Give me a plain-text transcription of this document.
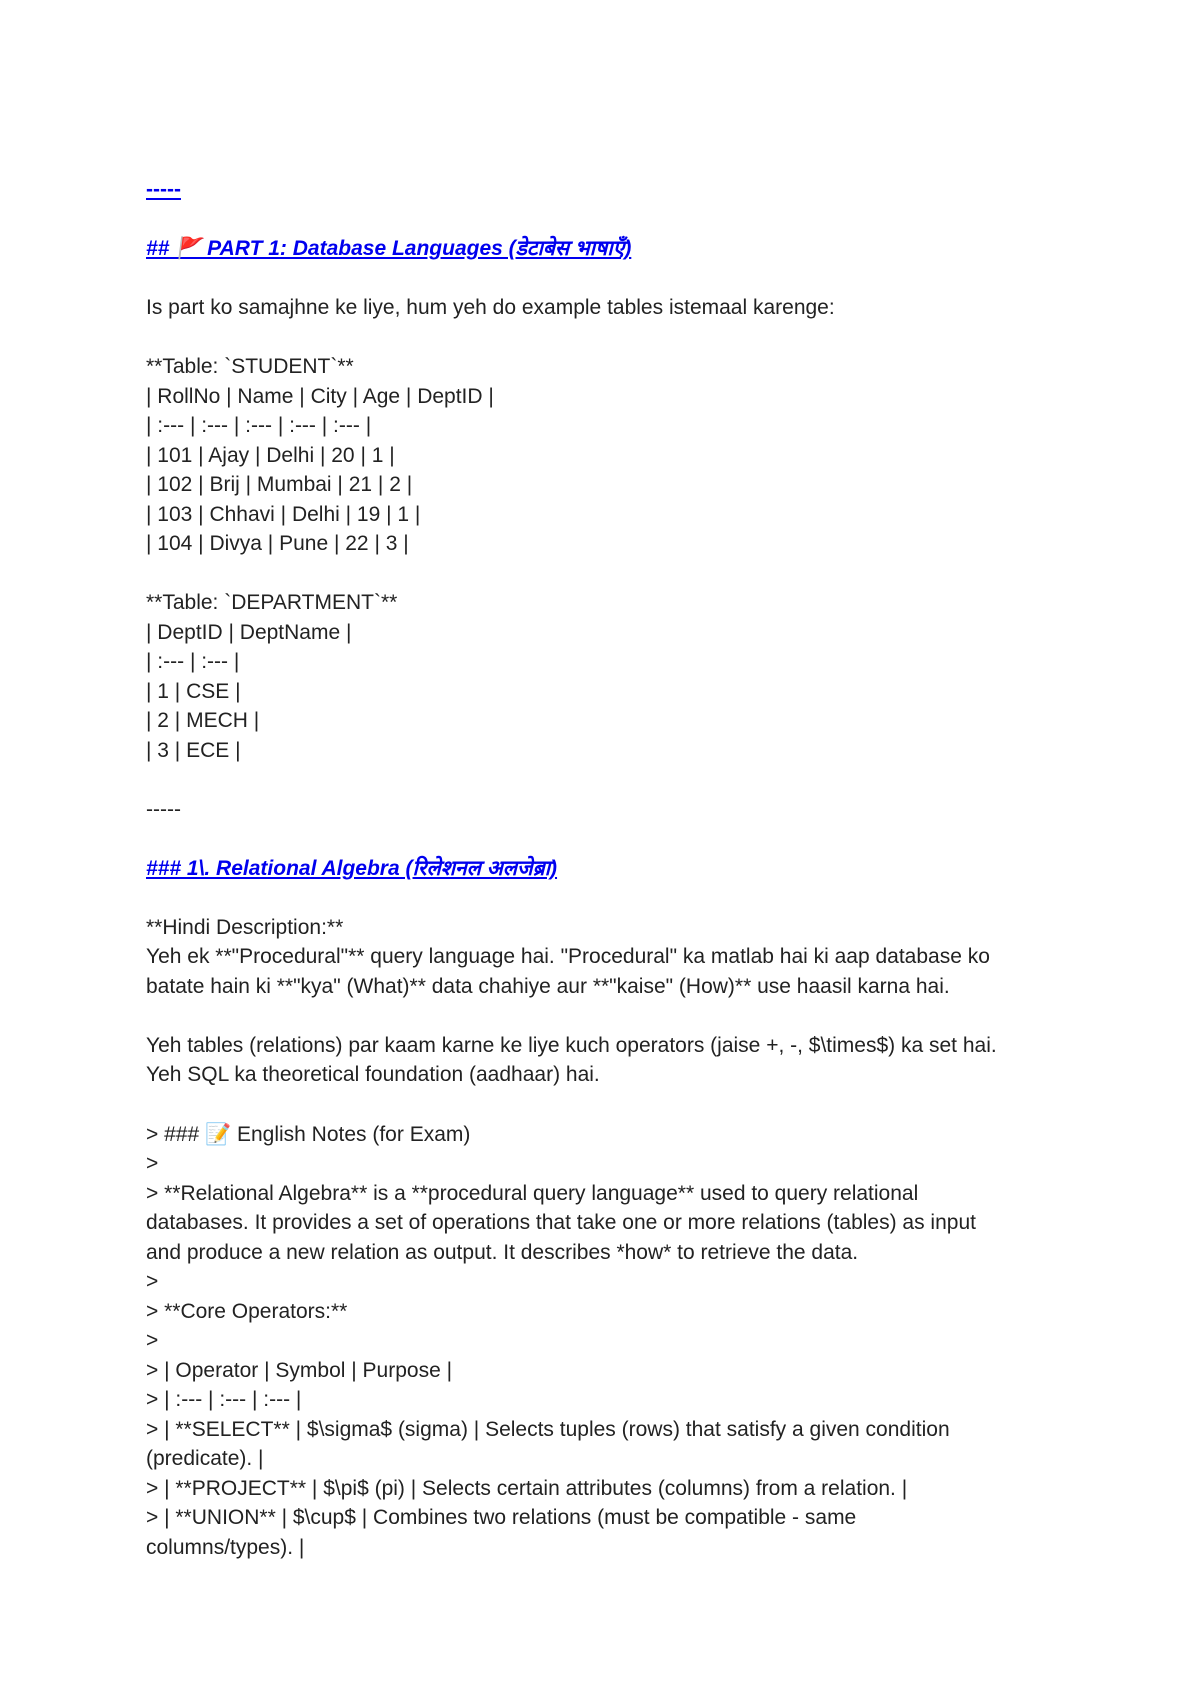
-----
## 🚩 PART 1: Database Languages (डेटाबेस भाषाएँ)
Is part ko samajhne ke liye, hum yeh do example tables istemaal karenge:
**Table: `STUDENT`**
| RollNo | Name | City | Age | DeptID |
| :--- | :--- | :--- | :--- | :--- |
| 101 | Ajay | Delhi | 20 | 1 |
| 102 | Brij | Mumbai | 21 | 2 |
| 103 | Chhavi | Delhi | 19 | 1 |
| 104 | Divya | Pune | 22 | 3 |
**Table: `DEPARTMENT`**
| DeptID | DeptName |
| :--- | :--- |
| 1 | CSE |
| 2 | MECH |
| 3 | ECE |
-----
### 1\. Relational Algebra (रिलेशनल अलजेब्रा)
**Hindi Description:**
Yeh ek **"Procedural"** query language hai. "Procedural" ka matlab hai ki aap database ko
batate hain ki **"kya" (What)** data chahiye aur **"kaise" (How)** use haasil karna hai.
Yeh tables (relations) par kaam karne ke liye kuch operators (jaise +, -, $\times$) ka set hai.
Yeh SQL ka theoretical foundation (aadhaar) hai.
> ### 📝 English Notes (for Exam)
>
> **Relational Algebra** is a **procedural query language** used to query relational
databases. It provides a set of operations that take one or more relations (tables) as input
and produce a new relation as output. It describes *how* to retrieve the data.
>
> **Core Operators:**
>
> | Operator | Symbol | Purpose |
> | :--- | :--- | :--- |
> | **SELECT** | $\sigma$ (sigma) | Selects tuples (rows) that satisfy a given condition
(predicate). |
> | **PROJECT** | $\pi$ (pi) | Selects certain attributes (columns) from a relation. |
> | **UNION** | $\cup$ | Combines two relations (must be compatible - same
columns/types). |
